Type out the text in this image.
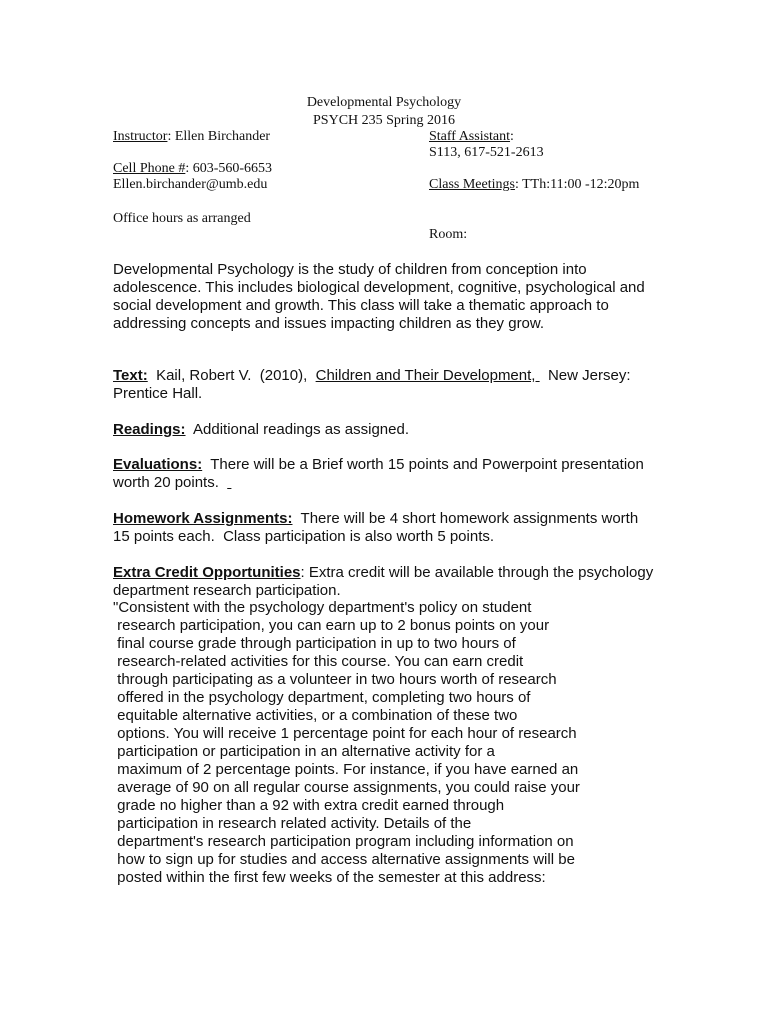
Developmental Psychology
PSYCH 235 Spring 2016
Instructor: Ellen Birchander
Cell Phone #: 603-560-6653
Ellen.birchander@umb.edu
Office hours as arranged
Staff Assistant:
S113, 617-521-2613
Class Meetings: TTh:11:00 -12:20pm
Room:

Developmental Psychology is the study of children from conception into adolescence. This includes biological development, cognitive, psychological and social development and growth. This class will take a thematic approach to addressing concepts and issues impacting children as they grow.

Text:  Kail, Robert V.  (2010),  Children and Their Development,   New Jersey: Prentice Hall.

Readings:  Additional readings as assigned.

Evaluations:  There will be a Brief worth 15 points and Powerpoint presentation worth 20 points.

Homework Assignments:  There will be 4 short homework assignments worth 15 points each.  Class participation is also worth 5 points.

Extra Credit Opportunities: Extra credit will be available through the psychology department research participation.

"Consistent with the psychology department's policy on student
research participation, you can earn up to 2 bonus points on your
final course grade through participation in up to two hours of
research-related activities for this course. You can earn credit
through participating as a volunteer in two hours worth of research
offered in the psychology department, completing two hours of
equitable alternative activities, or a combination of these two
options. You will receive 1 percentage point for each hour of research
participation or participation in an alternative activity for a
maximum of 2 percentage points. For instance, if you have earned an
average of 90 on all regular course assignments, you could raise your
grade no higher than a 92 with extra credit earned through
participation in research related activity. Details of the
department's research participation program including information on
how to sign up for studies and access alternative assignments will be
posted within the first few weeks of the semester at this address:
